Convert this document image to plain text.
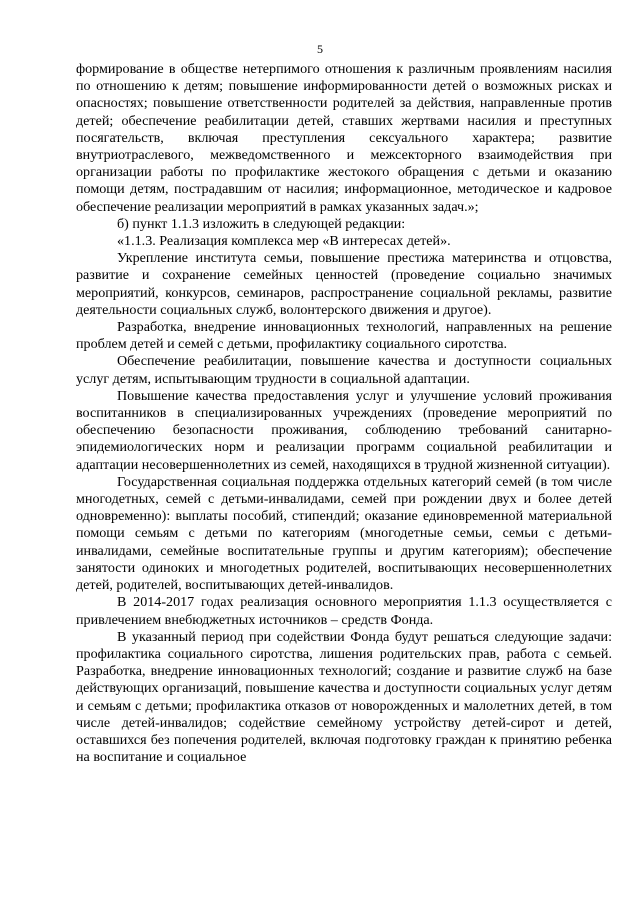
5

формирование в обществе нетерпимого отношения к различным проявлениям насилия по отношению к детям; повышение информированности детей о возможных рисках и опасностях; повышение ответственности родителей за действия, направленные против детей; обеспечение реабилитации детей, ставших жертвами насилия и преступных посягательств, включая преступления сексуального характера; развитие внутриотраслевого, межведомственного и межсекторного взаимодействия при организации работы по профилактике жестокого обращения с детьми и оказанию помощи детям, пострадавшим от насилия; информационное, методическое и кадровое обеспечение реализации мероприятий в рамках указанных задач.»;

б) пункт 1.1.3 изложить в следующей редакции:

«1.1.3. Реализация комплекса мер «В интересах детей».

Укрепление института семьи, повышение престижа материнства и отцовства, развитие и сохранение семейных ценностей (проведение социально значимых мероприятий, конкурсов, семинаров, распространение социальной рекламы, развитие деятельности социальных служб, волонтерского движения и другое).

Разработка, внедрение инновационных технологий, направленных на решение проблем детей и семей с детьми, профилактику социального сиротства.

Обеспечение реабилитации, повышение качества и доступности социальных услуг детям, испытывающим трудности в социальной адаптации.

Повышение качества предоставления услуг и улучшение условий проживания воспитанников в специализированных учреждениях (проведение мероприятий по обеспечению безопасности проживания, соблюдению требований санитарно-эпидемиологических норм и реализации программ социальной реабилитации и адаптации несовершеннолетних из семей, находящихся в трудной жизненной ситуации).

Государственная социальная поддержка отдельных категорий семей (в том числе многодетных, семей с детьми-инвалидами, семей при рождении двух и более детей одновременно): выплаты пособий, стипендий; оказание единовременной материальной помощи семьям с детьми по категориям (многодетные семьи, семьи с детьми-инвалидами, семейные воспитательные группы и другим категориям); обеспечение занятости одиноких и многодетных родителей, воспитывающих несовершеннолетних детей, родителей, воспитывающих детей-инвалидов.

В 2014-2017 годах реализация основного мероприятия 1.1.3 осуществляется с привлечением внебюджетных источников – средств Фонда.

В указанный период при содействии Фонда будут решаться следующие задачи: профилактика социального сиротства, лишения родительских прав, работа с семьей. Разработка, внедрение инновационных технологий; создание и развитие служб на базе действующих организаций, повышение качества и доступности социальных услуг детям и семьям с детьми; профилактика отказов от новорожденных и малолетних детей, в том числе детей-инвалидов; содействие семейному устройству детей-сирот и детей, оставшихся без попечения родителей, включая подготовку граждан к принятию ребенка на воспитание и социальное
